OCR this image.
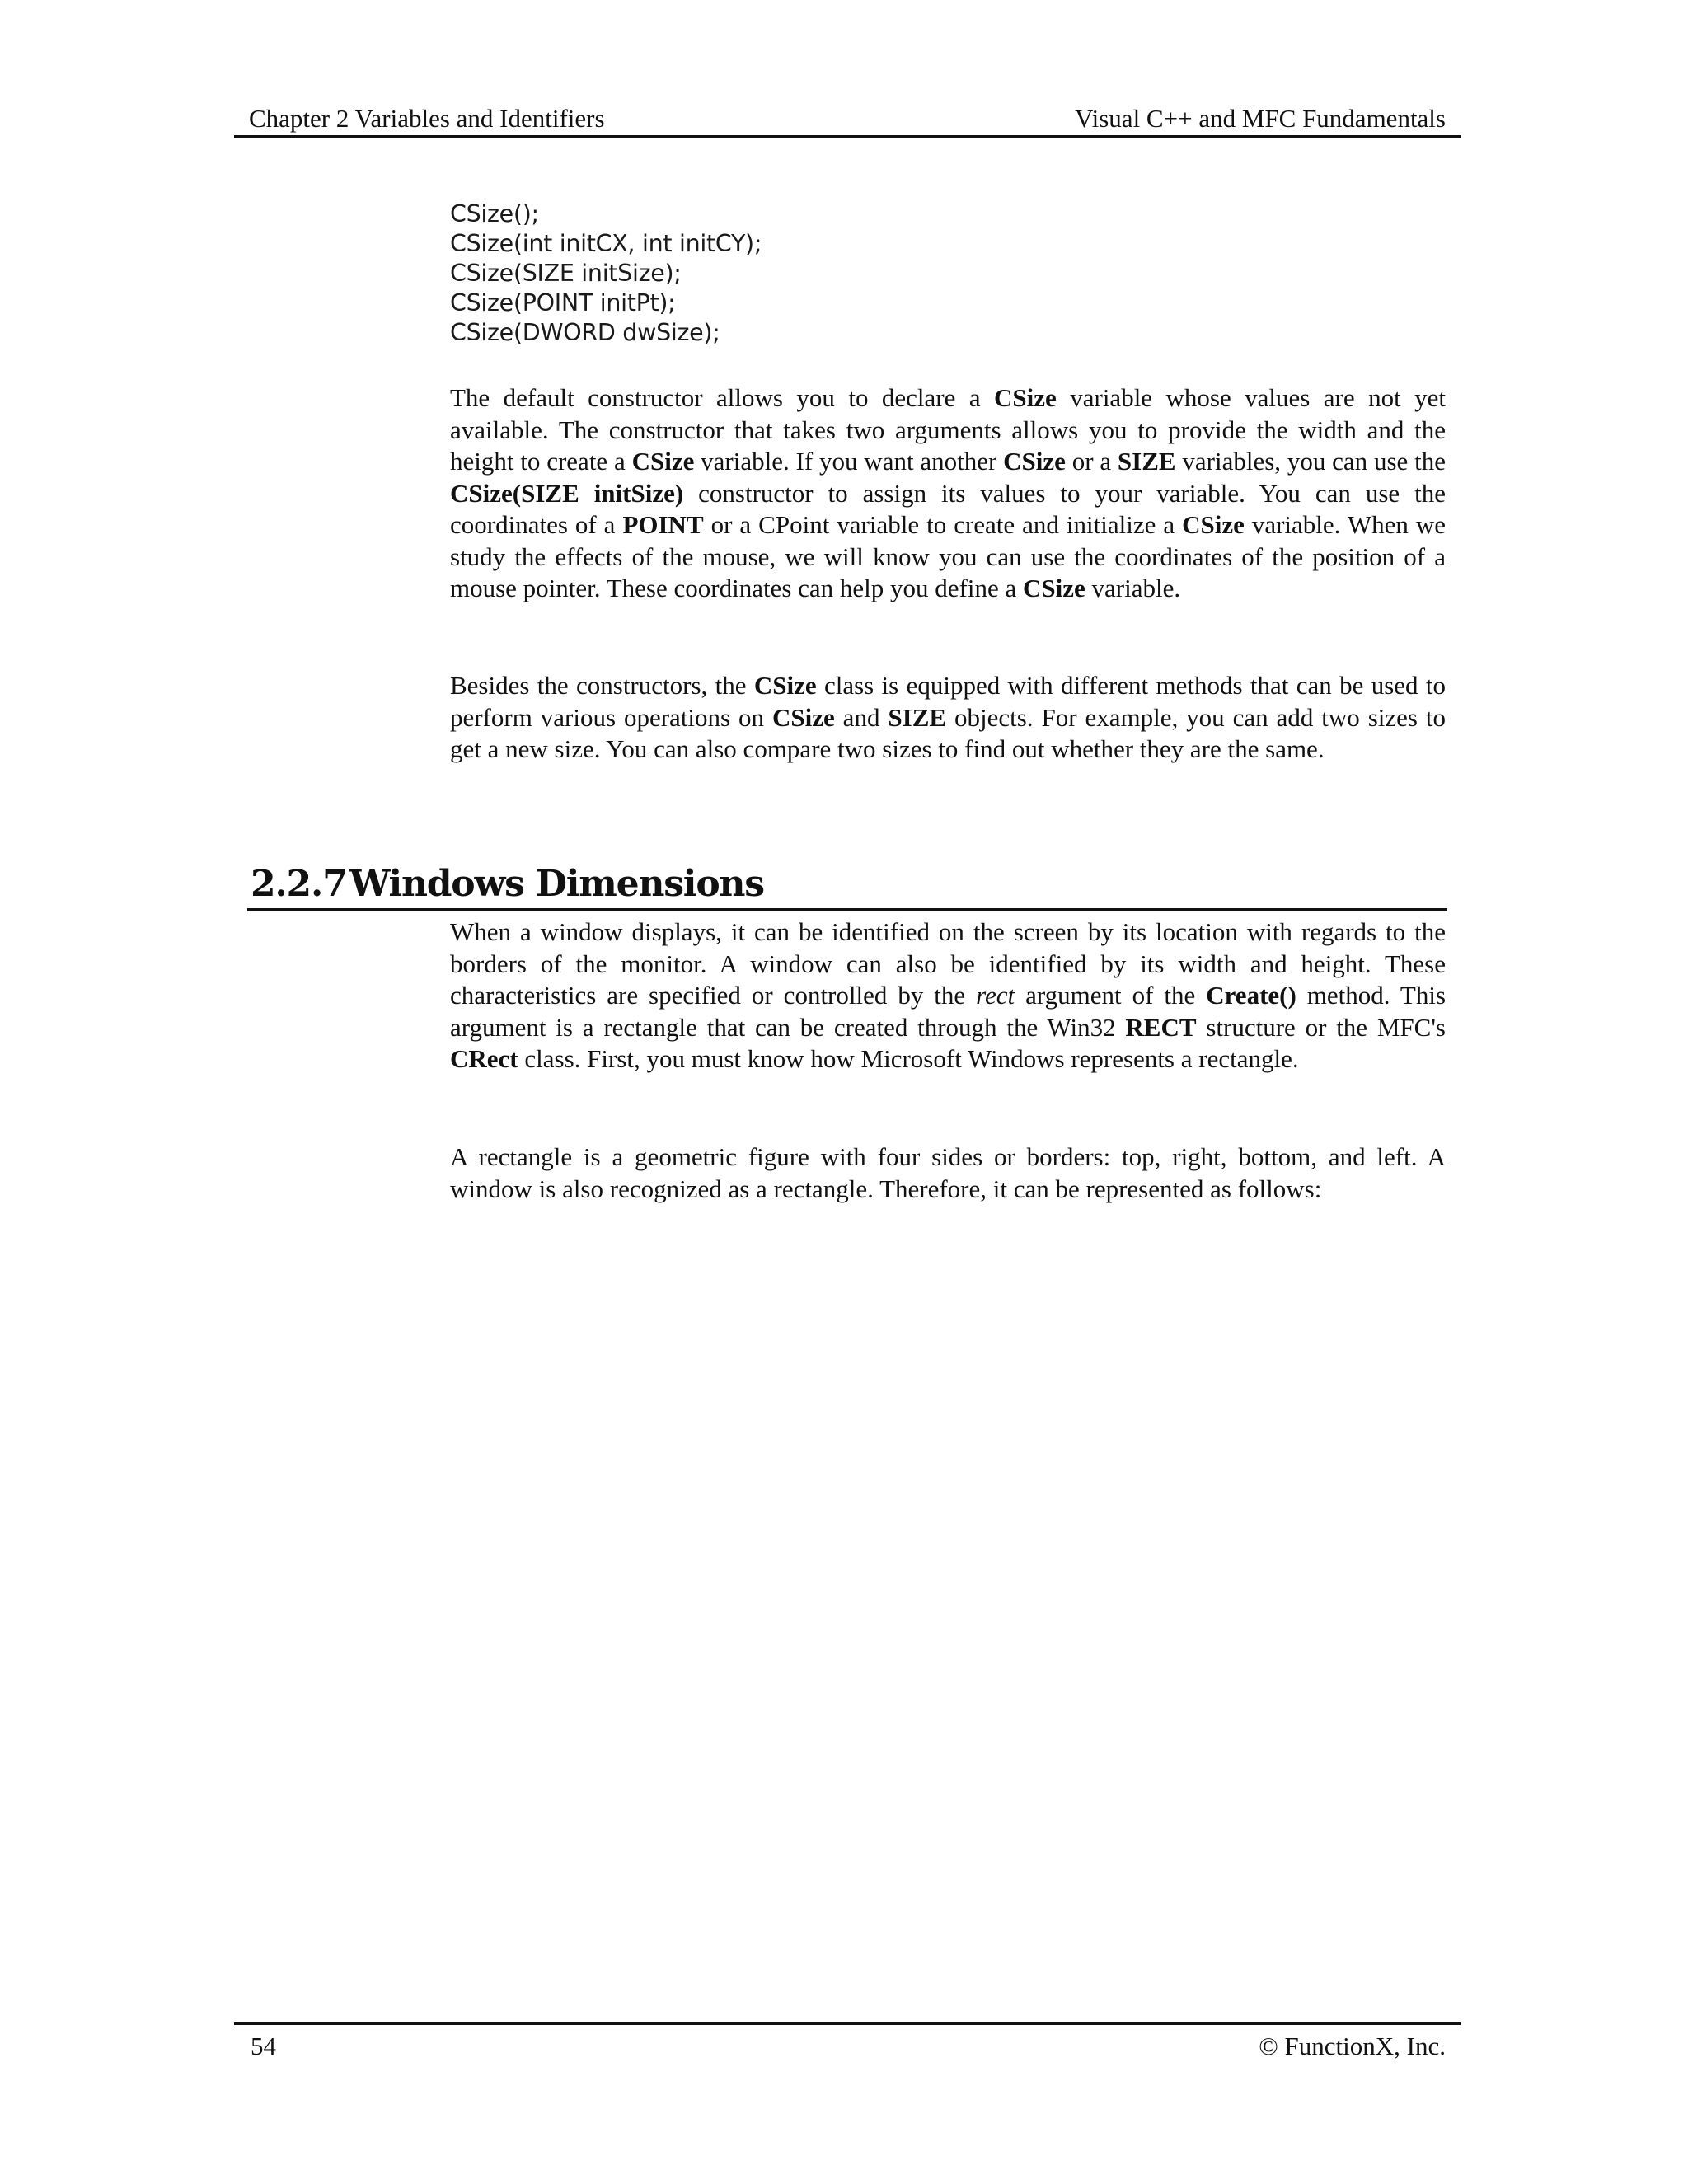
Chapter 2 Variables and Identifiers	Visual C++ and MFC Fundamentals
CSize();
CSize(int initCX, int initCY);
CSize(SIZE initSize);
CSize(POINT initPt);
CSize(DWORD dwSize);

The default constructor allows you to declare a CSize variable whose values are not yet available. The constructor that takes two arguments allows you to provide the width and the height to create a CSize variable. If you want another CSize or a SIZE variables, you can use the CSize(SIZE initSize) constructor to assign its values to your variable. You can use the coordinates of a POINT or a CPoint variable to create and initialize a CSize variable. When we study the effects of the mouse, we will know you can use the coordinates of the position of a mouse pointer. These coordinates can help you define a CSize variable.

Besides the constructors, the CSize class is equipped with different methods that can be used to perform various operations on CSize and SIZE objects. For example, you can add two sizes to get a new size. You can also compare two sizes to find out whether they are the same.

2.2.7 Windows Dimensions

When a window displays, it can be identified on the screen by its location with regards to the borders of the monitor. A window can also be identified by its width and height. These characteristics are specified or controlled by the rect argument of the Create() method. This argument is a rectangle that can be created through the Win32 RECT structure or the MFC's CRect class. First, you must know how Microsoft Windows represents a rectangle.

A rectangle is a geometric figure with four sides or borders: top, right, bottom, and left. A window is also recognized as a rectangle. Therefore, it can be represented as follows:

54	© FunctionX, Inc.
